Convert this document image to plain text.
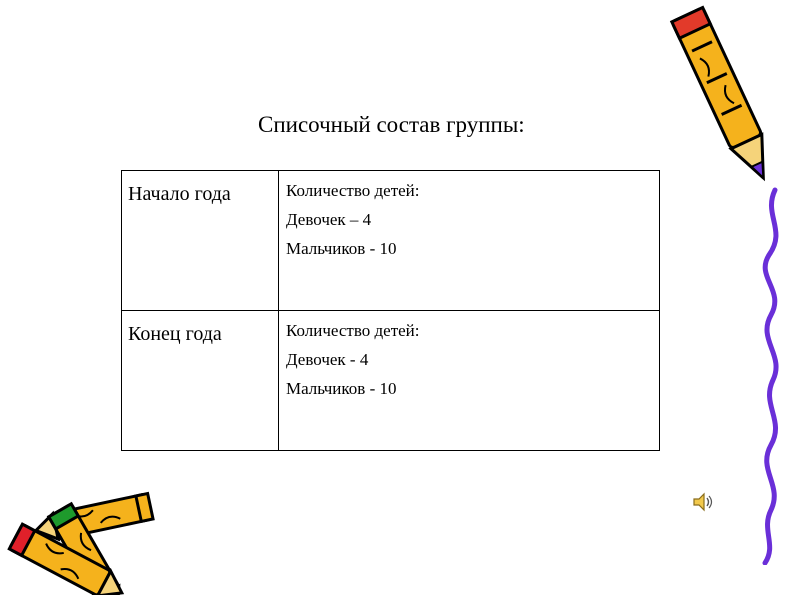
Списочный состав группы:
Начало года	Количество детей:
Девочек – 4
Мальчиков - 10

Конец года	Количество детей:
Девочек - 4
Мальчиков - 10
